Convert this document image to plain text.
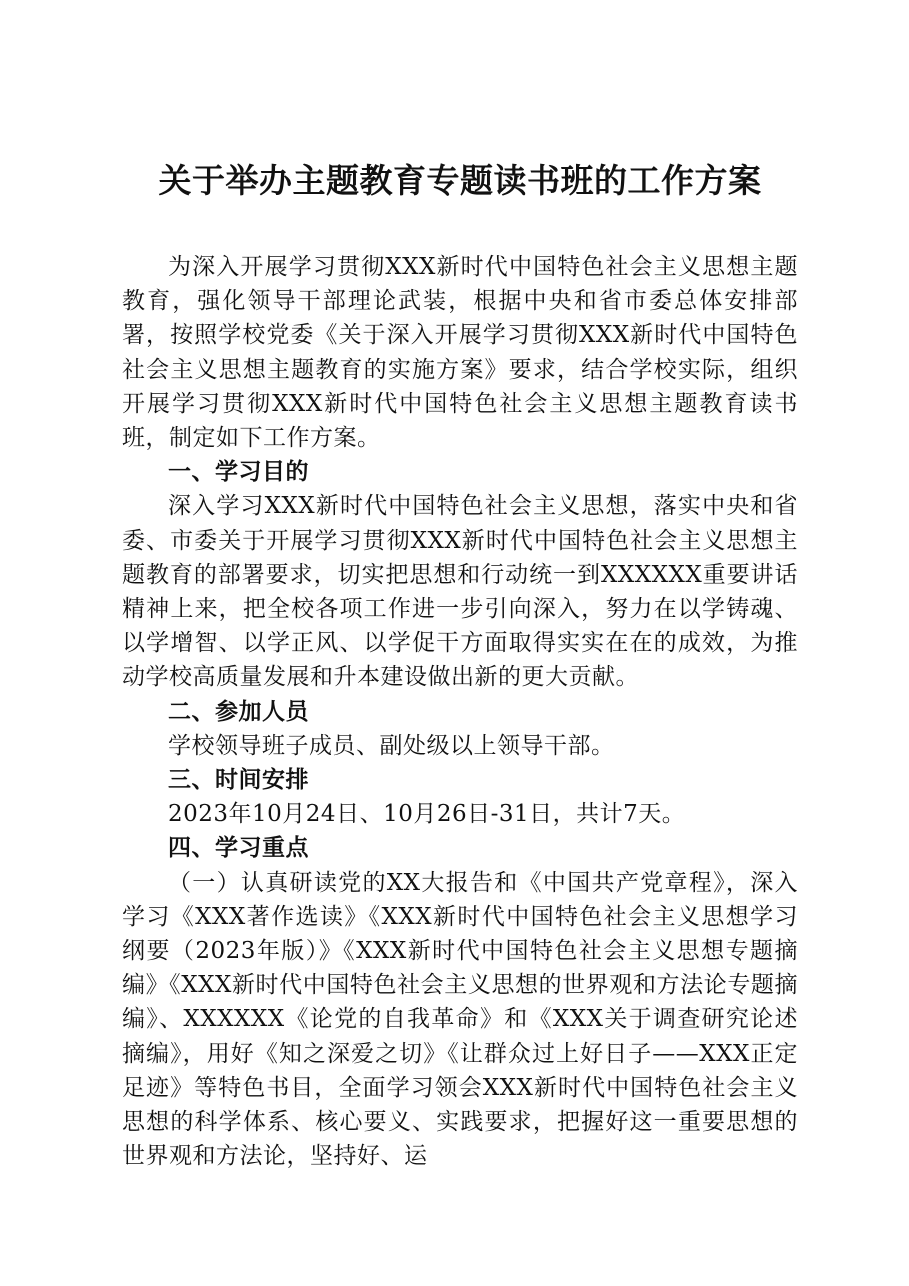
关于举办主题教育专题读书班的工作方案

为深入开展学习贯彻XXX新时代中国特色社会主义思想主题教育，强化领导干部理论武装，根据中央和省市委总体安排部署，按照学校党委《关于深入开展学习贯彻XXX新时代中国特色社会主义思想主题教育的实施方案》要求，结合学校实际，组织开展学习贯彻XXX新时代中国特色社会主义思想主题教育读书班，制定如下工作方案。

一、学习目的

深入学习XXX新时代中国特色社会主义思想，落实中央和省委、市委关于开展学习贯彻XXX新时代中国特色社会主义思想主题教育的部署要求，切实把思想和行动统一到XXXXXX重要讲话精神上来，把全校各项工作进一步引向深入，努力在以学铸魂、以学增智、以学正风、以学促干方面取得实实在在的成效，为推动学校高质量发展和升本建设做出新的更大贡献。

二、参加人员

学校领导班子成员、副处级以上领导干部。

三、时间安排

2023年10月24日、10月26日-31日，共计7天。

四、学习重点

（一）认真研读党的XX大报告和《中国共产党章程》，深入学习《XXX著作选读》《XXX新时代中国特色社会主义思想学习纲要（2023年版）》《XXX新时代中国特色社会主义思想专题摘编》《XXX新时代中国特色社会主义思想的世界观和方法论专题摘编》、XXXXXX《论党的自我革命》和《XXX关于调查研究论述摘编》，用好《知之深爱之切》《让群众过上好日子——XXX正定足迹》等特色书目，全面学习领会XXX新时代中国特色社会主义思想的科学体系、核心要义、实践要求，把握好这一重要思想的世界观和方法论，坚持好、运
